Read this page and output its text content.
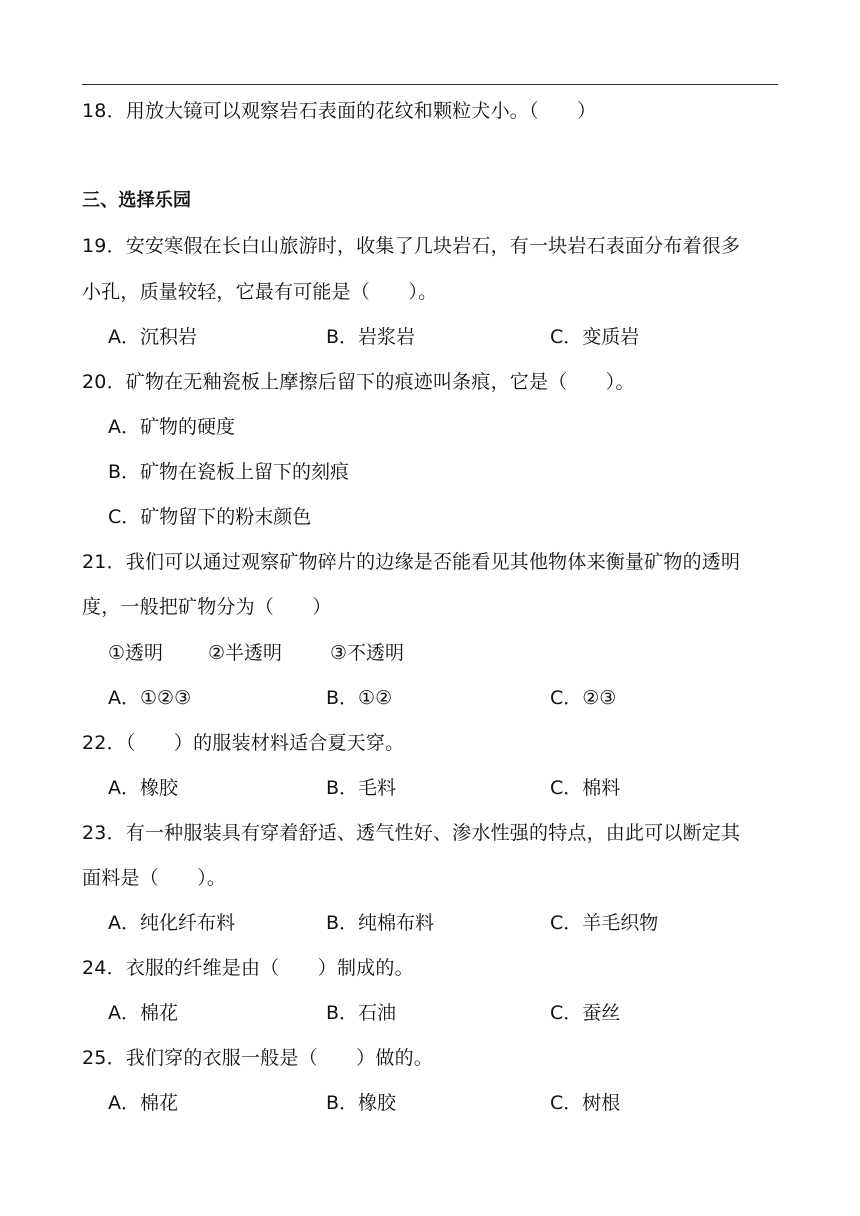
18．用放大镜可以观察岩石表面的花纹和颗粒犬小。（　　）
三、选择乐园
19．安安寒假在长白山旅游时，收集了几块岩石，有一块岩石表面分布着很多
小孔，质量较轻，它最有可能是（　　）。
A．沉积岩	B．岩浆岩	C．变质岩
20．矿物在无釉瓷板上摩擦后留下的痕迹叫条痕，它是（　　）。
A．矿物的硬度
B．矿物在瓷板上留下的刻痕
C．矿物留下的粉末颜色
21．我们可以通过观察矿物碎片的边缘是否能看见其他物体来衡量矿物的透明
度，一般把矿物分为（　　）
①透明 ②半透明	③不透明
A．①②③	B．①②	C．②③
22．（　　）的服装材料适合夏天穿。
A．橡胶	B．毛料	C．棉料
23．有一种服装具有穿着舒适、透气性好、渗水性强的特点，由此可以断定其
面料是（　　）。
A．纯化纤布料	B．纯棉布料	C．羊毛织物
24．衣服的纤维是由（　　）制成的。
A．棉花	B．石油	C．蚕丝
25．我们穿的衣服一般是（　　）做的。
A．棉花	B．橡胶	C．树根
